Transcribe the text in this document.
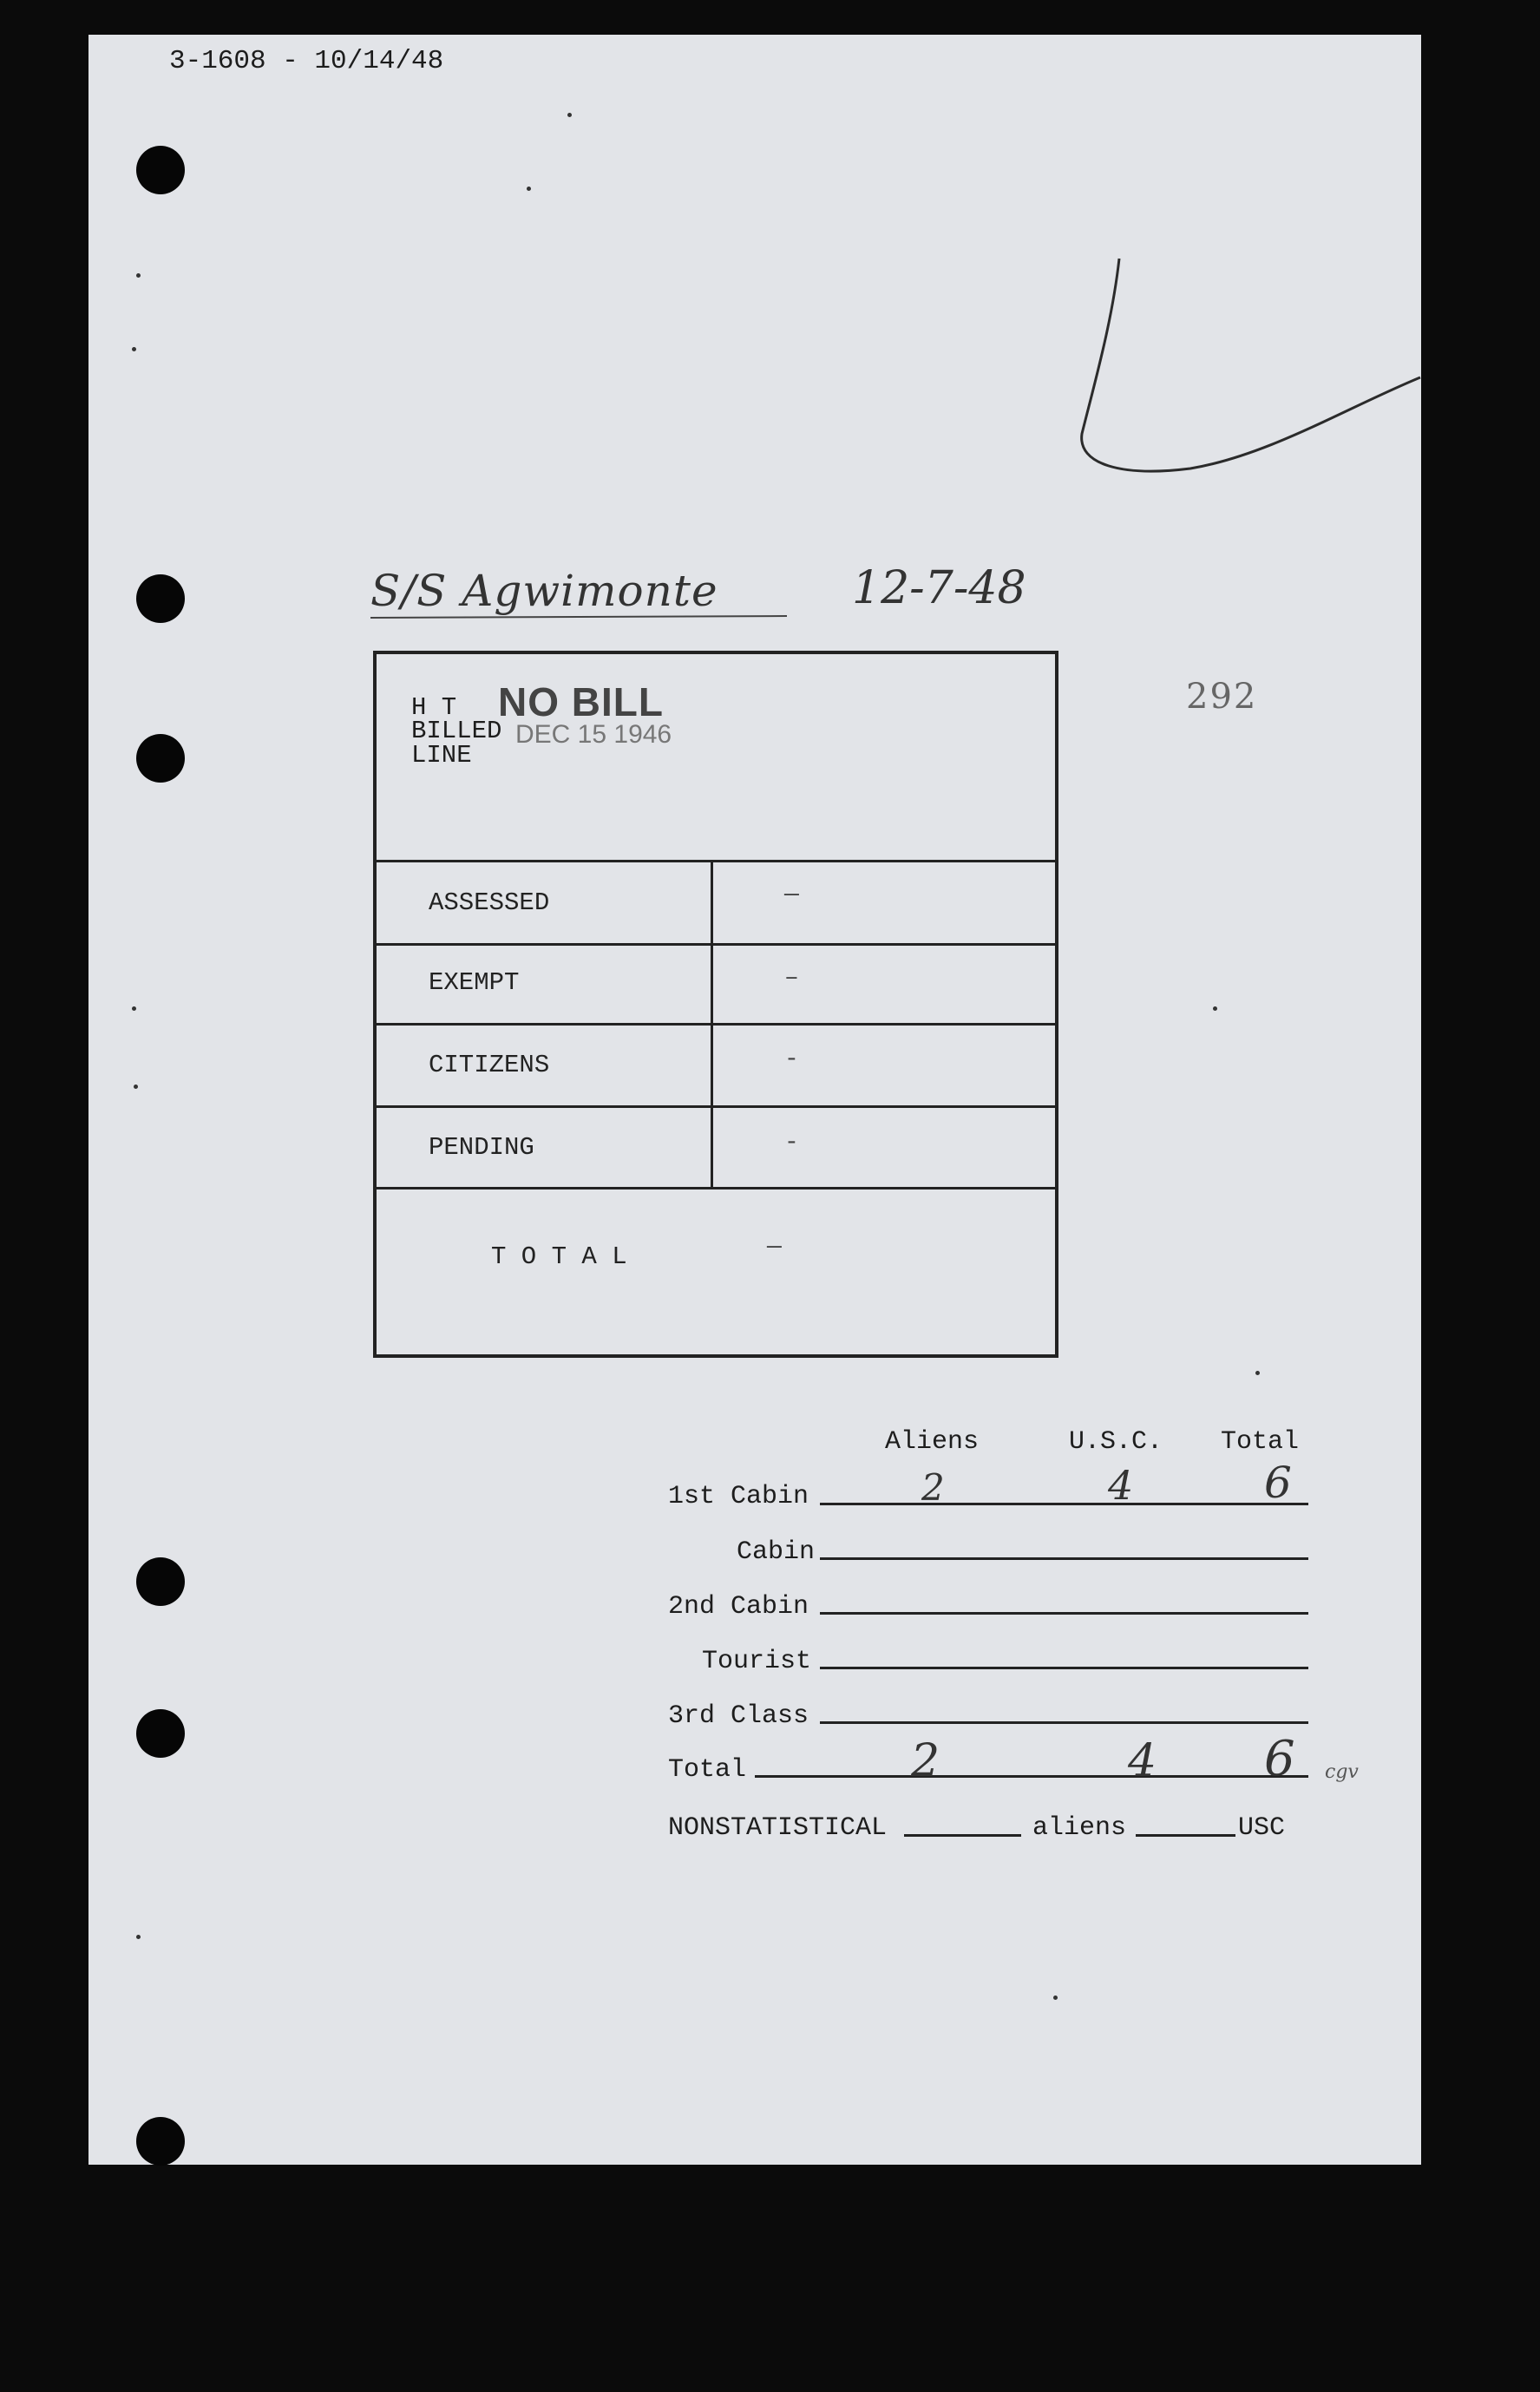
3-1608 - 10/14/48
S/S Agwimonte	12-7-48
292
H T NO BILL
BILLED DEC 15 1946
LINE
ASSESSED	—
EXEMPT	–
CITIZENS	-
PENDING	-
T O T A L	—
Aliens	U.S.C. Total
1st Cabin	2	4	6
Cabin
2nd Cabin
Tourist
3rd Class
Total	2	4 6 cgv
NONSTATISTICAL	aliens	USC
